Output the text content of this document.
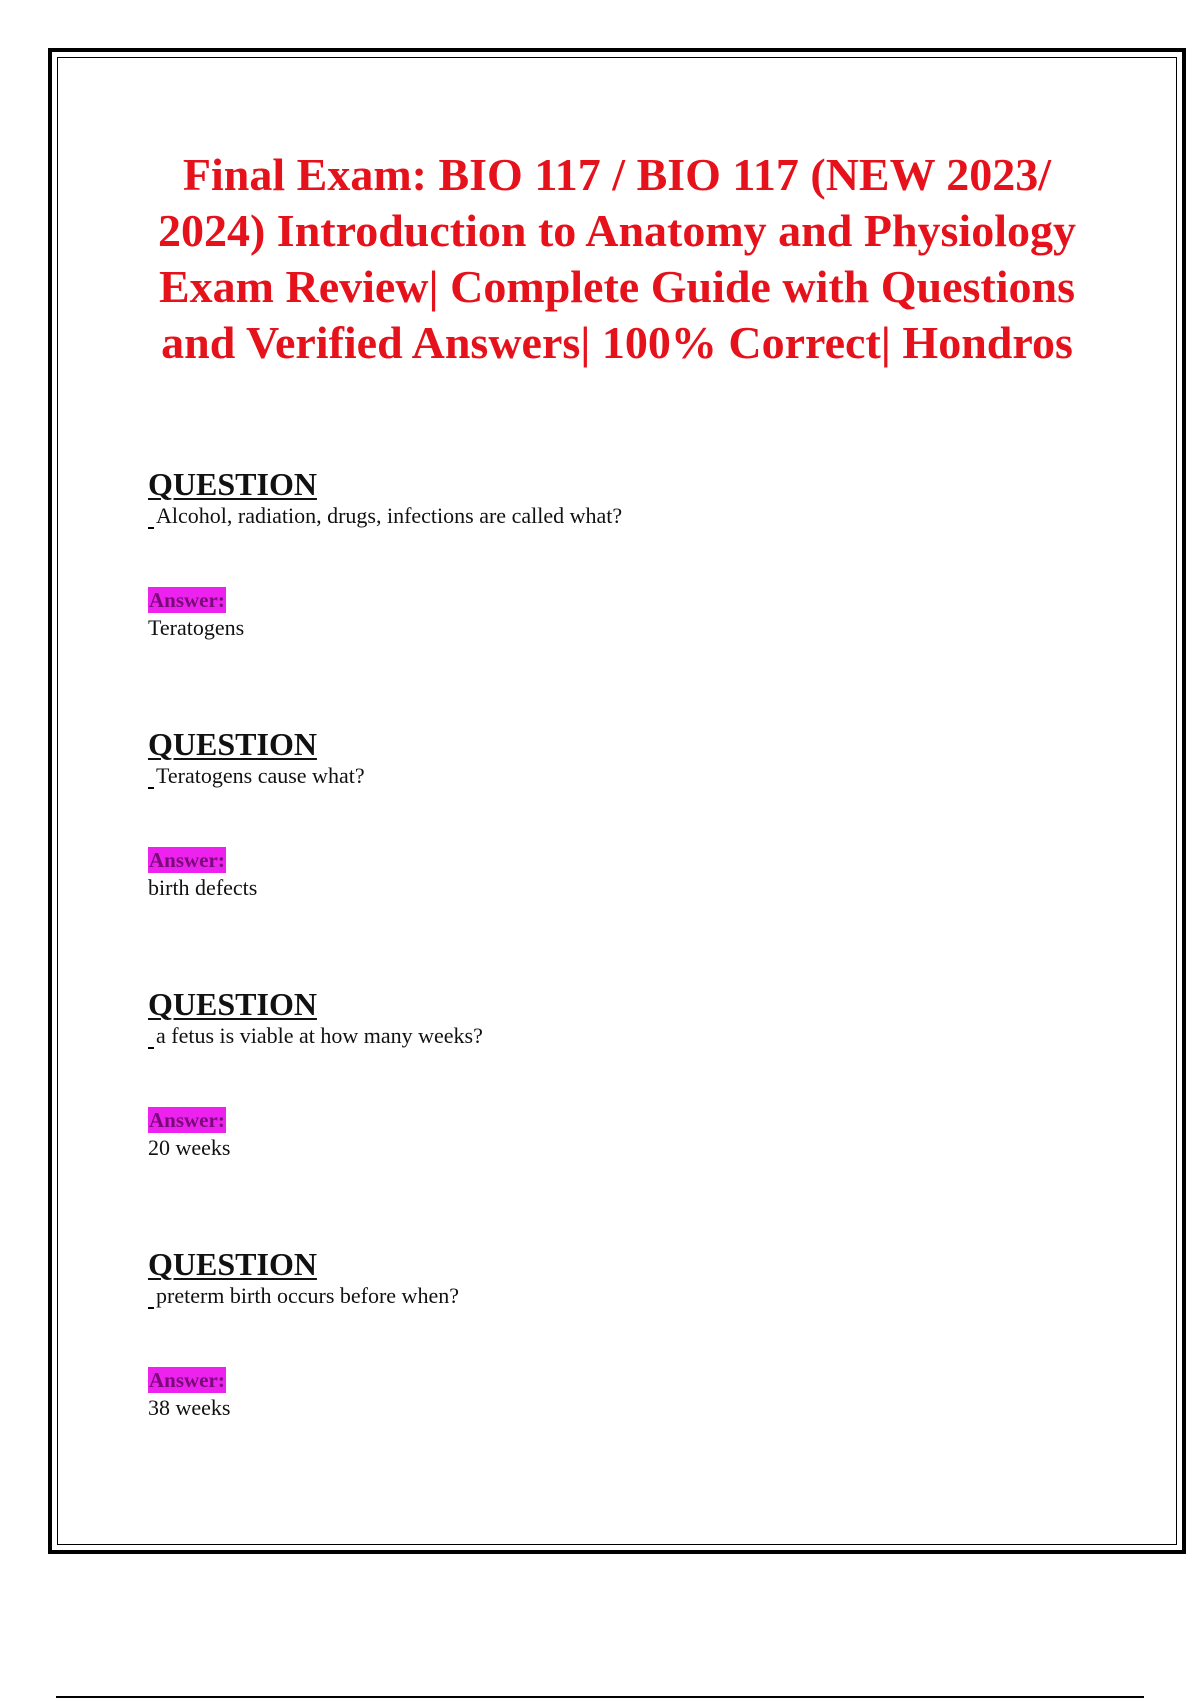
Final Exam: BIO 117 / BIO 117 (NEW 2023/ 2024) Introduction to Anatomy and Physiology Exam Review| Complete Guide with Questions and Verified Answers| 100% Correct| Hondros
QUESTION

Alcohol, radiation, drugs, infections are called what?

Answer:

Teratogens

QUESTION

Teratogens cause what?

Answer:

birth defects

QUESTION

a fetus is viable at how many weeks?

Answer:

20 weeks

QUESTION

preterm birth occurs before when?

Answer:

38 weeks
